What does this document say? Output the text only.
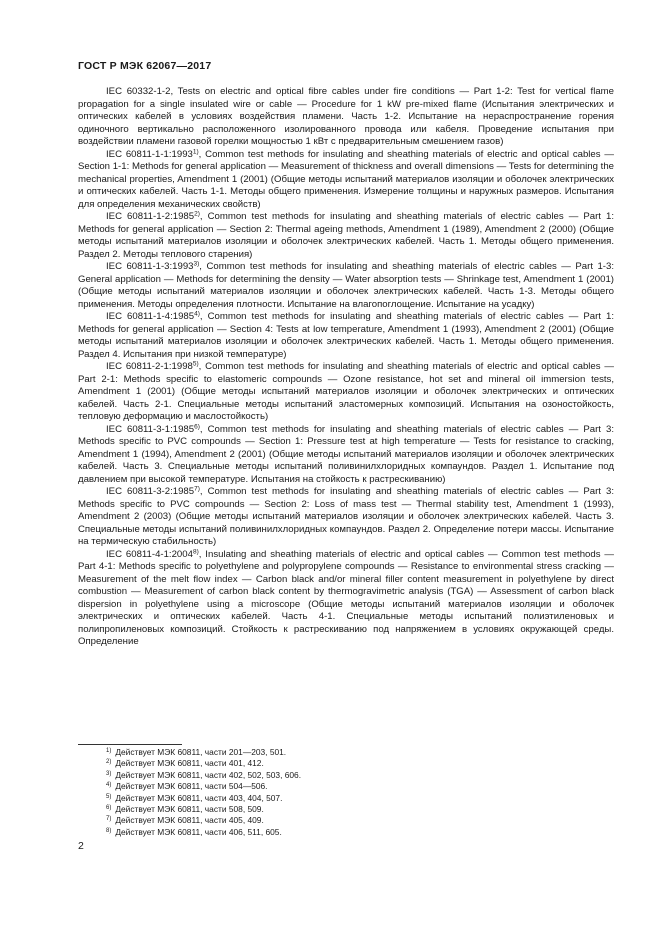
ГОСТ Р МЭК 62067—2017

IEC 60332-1-2, Tests on electric and optical fibre cables under fire conditions — Part 1-2: Test for vertical flame propagation for a single insulated wire or cable — Procedure for 1 kW pre-mixed flame (Испытания электрических и оптических кабелей в условиях воздействия пламени. Часть 1-2. Испытание на нераспространение горения одиночного вертикально расположенного изолированного провода или кабеля. Проведение испытания при воздействии пламени газовой горелки мощностью 1 кВт с предварительным смешением газов)

IEC 60811-1-1:1993$^{1)}$, Common test methods for insulating and sheathing materials of electric and optical cables — Section 1-1: Methods for general application — Measurement of thickness and overall dimensions — Tests for determining the mechanical properties, Amendment 1 (2001) (Общие методы испытаний материалов изоляции и оболочек электрических и оптических кабелей. Часть 1-1. Методы общего применения. Измерение толщины и наружных размеров. Испытания для определения механических свойств)

IEC 60811-1-2:1985$^{2)}$, Common test methods for insulating and sheathing materials of electric cables — Part 1: Methods for general application — Section 2: Thermal ageing methods, Amendment 1 (1989), Amendment 2 (2000) (Общие методы испытаний материалов изоляции и оболочек электрических кабелей. Часть 1. Методы общего применения. Раздел 2. Методы теплового старения)

IEC 60811-1-3:1993$^{3)}$, Common test methods for insulating and sheathing materials of electric cables — Part 1-3: General application — Methods for determining the density — Water absorption tests — Shrinkage test, Amendment 1 (2001) (Общие методы испытаний материалов изоляции и оболочек электрических кабелей. Часть 1-3. Методы общего применения. Методы определения плотности. Испытание на влагопоглощение. Испытание на усадку)

IEC 60811-1-4:1985$^{4)}$, Common test methods for insulating and sheathing materials of electric cables — Part 1: Methods for general application — Section 4: Tests at low temperature, Amendment 1 (1993), Amendment 2 (2001) (Общие методы испытаний материалов изоляции и оболочек электрических кабелей. Часть 1. Методы общего применения. Раздел 4. Испытания при низкой температуре)

IEC 60811-2-1:1998$^{5)}$, Common test methods for insulating and sheathing materials of electric and optical cables — Part 2-1: Methods specific to elastomeric compounds — Ozone resistance, hot set and mineral oil immersion tests, Amendment 1 (2001) (Общие методы испытаний материалов изоляции и оболочек электрических и оптических кабелей. Часть 2-1. Специальные методы испытаний эластомерных композиций. Испытания на озоностойкость, тепловую деформацию и маслостойкость)

IEC 60811-3-1:1985$^{6)}$, Common test methods for insulating and sheathing materials of electric cables — Part 3: Methods specific to PVC compounds — Section 1: Pressure test at high temperature — Tests for resistance to cracking, Amendment 1 (1994), Amendment 2 (2001) (Общие методы испытаний материалов изоляции и оболочек электрических кабелей. Часть 3. Специальные методы испытаний поливинилхлоридных компаундов. Раздел 1. Испытание под давлением при высокой температуре. Испытания на стойкость к растрескиванию)

IEC 60811-3-2:1985$^{7)}$, Common test methods for insulating and sheathing materials of electric cables — Part 3: Methods specific to PVC compounds — Section 2: Loss of mass test — Thermal stability test, Amendment 1 (1993), Amendment 2 (2003) (Общие методы испытаний материалов изоляции и оболочек электрических кабелей. Часть 3. Специальные методы испытаний поливинилхлоридных компаундов. Раздел 2. Определение потери массы. Испытание на термическую стабильность)

IEC 60811-4-1:2004$^{8)}$, Insulating and sheathing materials of electric and optical cables — Common test methods — Part 4-1: Methods specific to polyethylene and polypropylene compounds — Resistance to environmental stress cracking — Measurement of the melt flow index — Carbon black and/or mineral filler content measurement in polyethylene by direct combustion — Measurement of carbon black content by thermogravimetric analysis (TGA) — Assessment of carbon black dispersion in polyethylene using a microscope (Общие методы испытаний материалов изоляции и оболочек электрических и оптических кабелей. Часть 4-1. Специальные методы испытаний полиэтиленовых и полипропиленовых композиций. Стойкость к растрескиванию под напряжением в условиях окружающей среды. Определение

$^{1)}$ Действует МЭК 60811, части 201—203, 501.
$^{2)}$ Действует МЭК 60811, части 401, 412.
$^{3)}$ Действует МЭК 60811, части 402, 502, 503, 606.
$^{4)}$ Действует МЭК 60811, части 504—506.
$^{5)}$ Действует МЭК 60811, части 403, 404, 507.
$^{6)}$ Действует МЭК 60811, части 508, 509.
$^{7)}$ Действует МЭК 60811, части 405, 409.
$^{8)}$ Действует МЭК 60811, части 406, 511, 605.
2
